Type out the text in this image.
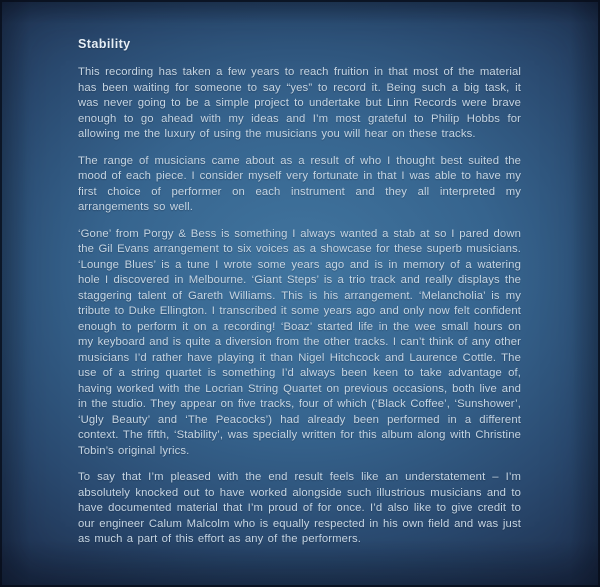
Stability

This recording has taken a few years to reach fruition in that most of the material has been waiting for someone to say “yes” to record it. Being such a big task, it was never going to be a simple project to undertake but Linn Records were brave enough to go ahead with my ideas and I’m most grateful to Philip Hobbs for allowing me the luxury of using the musicians you will hear on these tracks.

The range of musicians came about as a result of who I thought best suited the mood of each piece. I consider myself very fortunate in that I was able to have my first choice of performer on each instrument and they all interpreted my arrangements so well.

‘Gone’ from Porgy & Bess is something I always wanted a stab at so I pared down the Gil Evans arrangement to six voices as a showcase for these superb musicians. ‘Lounge Blues’ is a tune I wrote some years ago and is in memory of a watering hole I discovered in Melbourne. ‘Giant Steps’ is a trio track and really displays the staggering talent of Gareth Williams. This is his arrangement. ‘Melancholia’ is my tribute to Duke Ellington. I transcribed it some years ago and only now felt confident enough to perform it on a recording! ‘Boaz’ started life in the wee small hours on my keyboard and is quite a diversion from the other tracks. I can’t think of any other musicians I’d rather have playing it than Nigel Hitchcock and Laurence Cottle. The use of a string quartet is something I’d always been keen to take advantage of, having worked with the Locrian String Quartet on previous occasions, both live and in the studio. They appear on five tracks, four of which (‘Black Coffee’, ‘Sunshower’, ‘Ugly Beauty’ and ‘The Peacocks’) had already been performed in a different context. The fifth, ‘Stability’, was specially written for this album along with Christine Tobin’s original lyrics.

To say that I’m pleased with the end result feels like an understatement – I’m absolutely knocked out to have worked alongside such illustrious musicians and to have documented material that I’m proud of for once. I’d also like to give credit to our engineer Calum Malcolm who is equally respected in his own field and was just as much a part of this effort as any of the performers.
